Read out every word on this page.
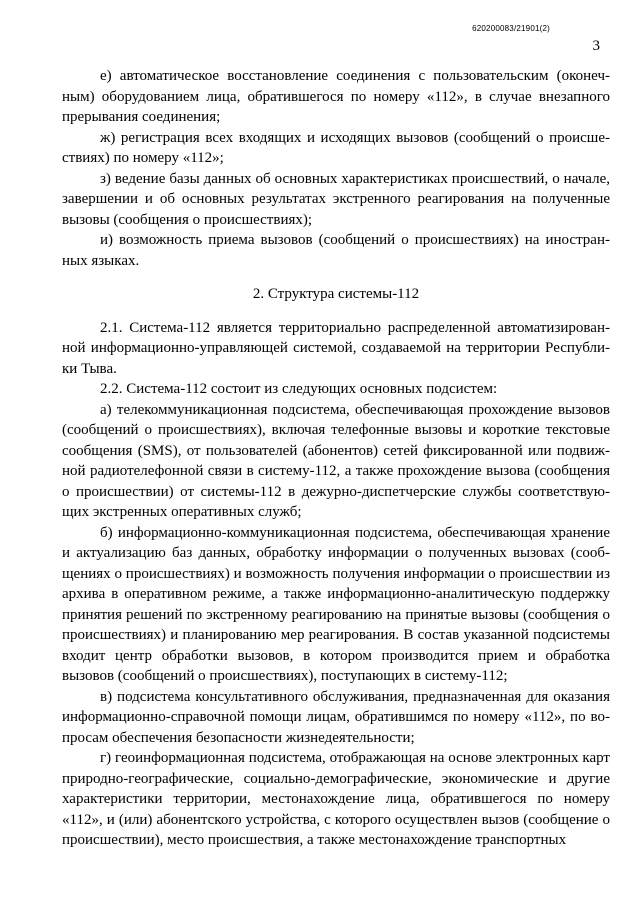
620200083/21901(2)
3

е) автоматическое восстановление соединения с пользовательским (оконечным) оборудованием лица, обратившегося по номеру «112», в случае внезапного прерывания соединения;

ж) регистрация всех входящих и исходящих вызовов (сообщений о происшествиях) по номеру «112»;

з) ведение базы данных об основных характеристиках происшествий, о начале, завершении и об основных результатах экстренного реагирования на полученные вызовы (сообщения о происшествиях);

и) возможность приема вызовов (сообщений о происшествиях) на иностранных языках.

2. Структура системы-112

2.1. Система-112 является территориально распределенной автоматизированной информационно-управляющей системой, создаваемой на территории Республики Тыва.

2.2. Система-112 состоит из следующих основных подсистем:

а) телекоммуникационная подсистема, обеспечивающая прохождение вызовов (сообщений о происшествиях), включая телефонные вызовы и короткие текстовые сообщения (SMS), от пользователей (абонентов) сетей фиксированной или подвижной радиотелефонной связи в систему-112, а также прохождение вызова (сообщения о происшествии) от системы-112 в дежурно-диспетчерские службы соответствующих экстренных оперативных служб;

б) информационно-коммуникационная подсистема, обеспечивающая хранение и актуализацию баз данных, обработку информации о полученных вызовах (сообщениях о происшествиях) и возможность получения информации о происшествии из архива в оперативном режиме, а также информационно-аналитическую поддержку принятия решений по экстренному реагированию на принятые вызовы (сообщения о происшествиях) и планированию мер реагирования. В состав указанной подсистемы входит центр обработки вызовов, в котором производится прием и обработка вызовов (сообщений о происшествиях), поступающих в систему-112;

в) подсистема консультативного обслуживания, предназначенная для оказания информационно-справочной помощи лицам, обратившимся по номеру «112», по вопросам обеспечения безопасности жизнедеятельности;

г) геоинформационная подсистема, отображающая на основе электронных карт природно-географические, социально-демографические, экономические и другие характеристики территории, местонахождение лица, обратившегося по номеру «112», и (или) абонентского устройства, с которого осуществлен вызов (сообщение о происшествии), место происшествия, а также местонахождение транспортных
